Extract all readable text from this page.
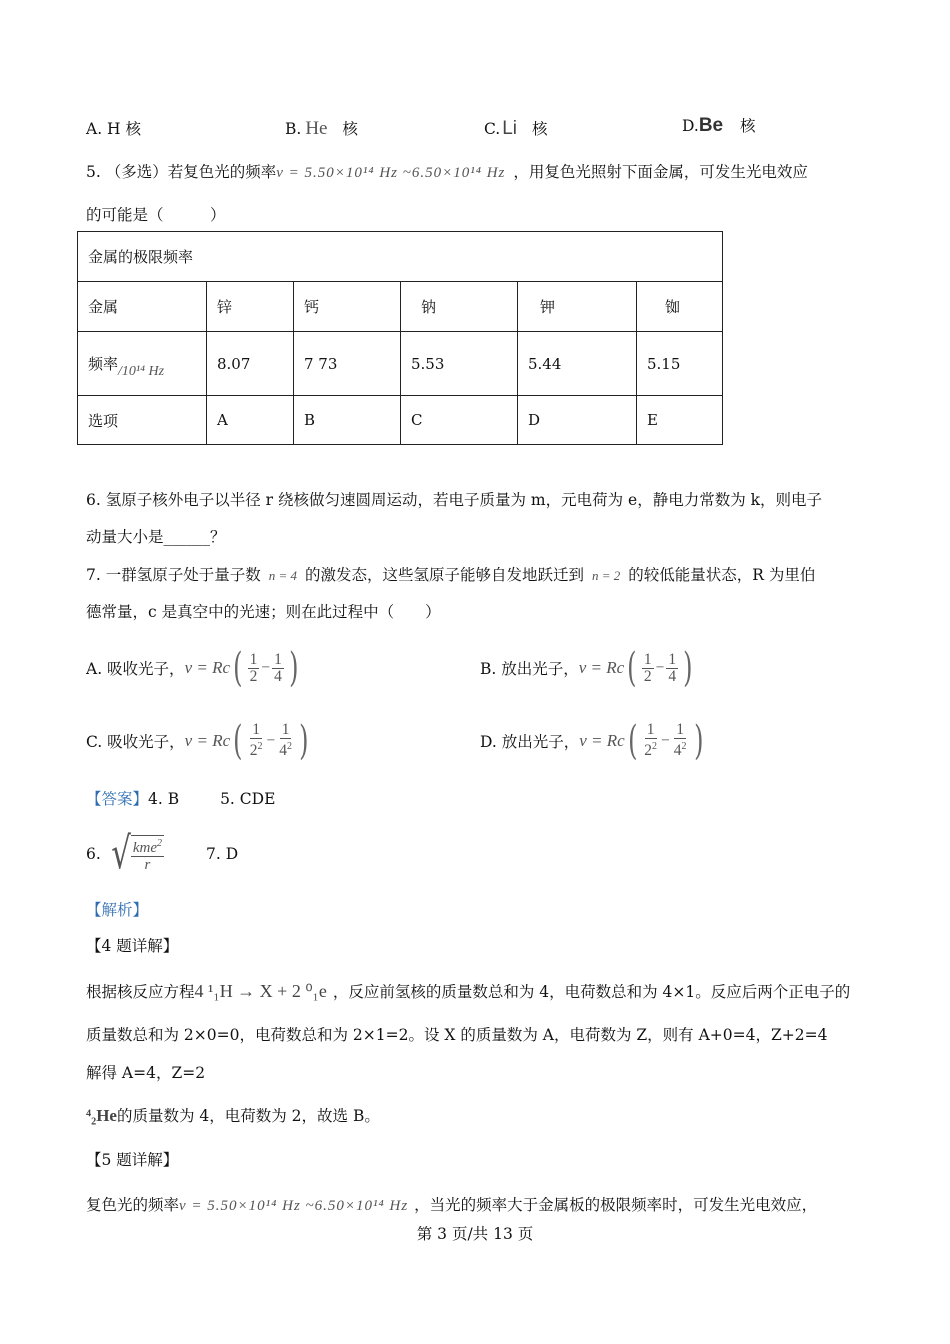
A. H 核	B. He 核	C. Li 核	D.Be 核
5. （多选）若复色光的频率v = 5.50×10¹⁴ Hz ~6.50×10¹⁴ Hz ，用复色光照射下面金属，可发生光电效应
的可能是（　　　）
金属的极限频率					
金属	锌	钙	钠	钾	铷
频率/10¹⁴ Hz	8.07	7 73	5.53	5.44	5.15
选项	A	B	C	D	E
6. 氢原子核外电子以半径 r 绕核做匀速圆周运动，若电子质量为 m，元电荷为 e，静电力常数为 k，则电子
动量大小是______？
7. 一群氢原子处于量子数 n = 4 的激发态，这些氢原子能够自发地跃迁到 n = 2 的较低能量状态，R 为里伯
德常量，c 是真空中的光速；则在此过程中（　　）
A. 吸收光子， v = Rc ( $\frac{1}{2} - \frac{1}{4}$ )	B. 放出光子， v = Rc ( $\frac{1}{2} - \frac{1}{4}$ )
C. 吸收光子， v = Rc ( $\frac{1}{2^2} - \frac{1}{4^2}$ )	D. 放出光子， v = Rc ( $\frac{1}{2^2} - \frac{1}{4^2}$ )
【答案】4. B	5. CDE
6. √ $\frac{kme^2}{r}$	7. D
【解析】
【4 题详解】
根据核反应方程4 ¹₁H → X + 2 ⁰₁e ，反应前氢核的质量数总和为 4，电荷数总和为 4×1。反应后两个正电子的
质量数总和为 2×0=0，电荷数总和为 2×1=2。设 X 的质量数为 A，电荷数为 Z，则有 A+0=4，Z+2=4
解得 A=4，Z=2
⁴₂He的质量数为 4，电荷数为 2，故选 B。
【5 题详解】
复色光的频率v = 5.50×10¹⁴ Hz ~6.50×10¹⁴ Hz ，当光的频率大于金属板的极限频率时，可发生光电效应，
第 3 页/共 13 页
